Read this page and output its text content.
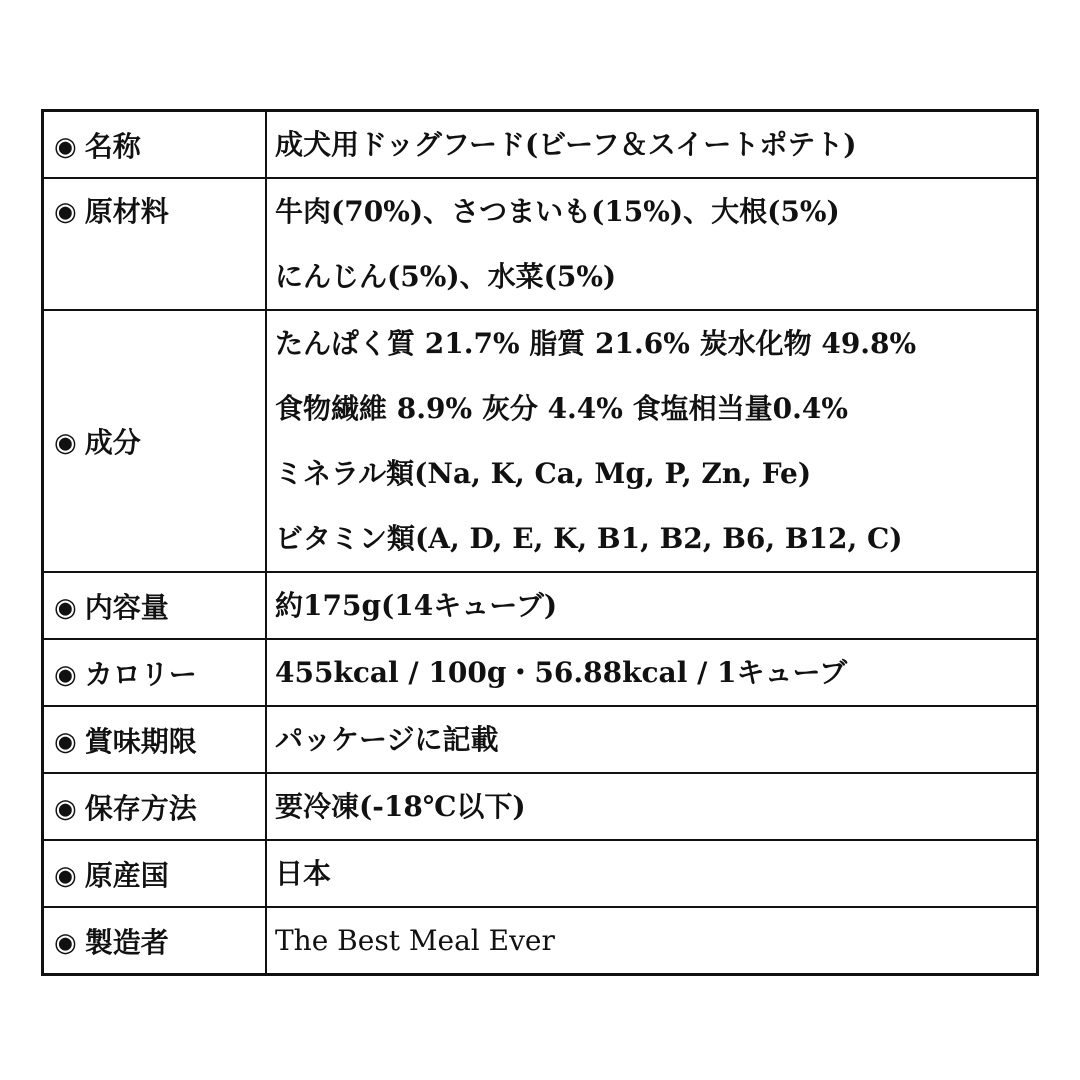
◉ 名称	成犬用ドッグフード(ビーフ＆スイートポテト)

◉ 原材料	牛肉(70%)、さつまいも(15%)、大根(5%)
にんじん(5%)、水菜(5%)

◉ 成分	たんぱく質 21.7% 脂質 21.6% 炭水化物 49.8%
食物繊維 8.9% 灰分 4.4% 食塩相当量0.4%
ミネラル類(Na, K, Ca, Mg, P, Zn, Fe)
ビタミン類(A, D, E, K, B1, B2, B6, B12, C)

◉ 内容量	約175g(14キューブ)

◉ カロリー	455kcal / 100g・56.88kcal / 1キューブ

◉ 賞味期限	パッケージに記載

◉ 保存方法	要冷凍(-18℃以下)

◉ 原産国	日本

◉ 製造者	The Best Meal Ever
